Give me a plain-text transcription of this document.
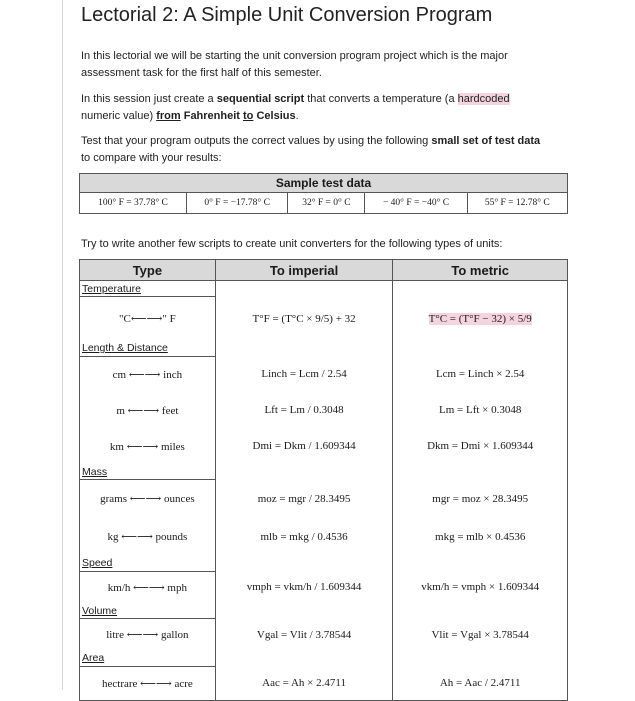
Lectorial 2: A Simple Unit Conversion Program
In this lectorial we will be starting the unit conversion program project which is the major assessment task for the first half of this semester.
In this session just create a sequential script that converts a temperature (a hardcoded numeric value) from Fahrenheit to Celsius.
Test that your program outputs the correct values by using the following small set of test data to compare with your results:
Sample test data
100° F = 37.78° C	0° F = −17.78° C	32° F = 0° C	− 40° F = −40° C	55° F = 12.78° C
Try to write another few scripts to create unit converters for the following types of units:
Type	To imperial	To metric
Temperature		
"C⟵⟶" F	T°F = (T°C × 9/5) + 32	T°C = (T°F − 32) × 5/9
Length & Distance		
cm ⟵⟶ inch	Linch = Lcm / 2.54	Lcm = Linch × 2.54
m ⟵⟶ feet	Lft = Lm / 0.3048	Lm = Lft × 0.3048
km ⟵⟶ miles	Dmi = Dkm / 1.609344	Dkm = Dmi × 1.609344
Mass		
grams ⟵⟶ ounces	moz = mgr / 28.3495	mgr = moz × 28.3495
kg ⟵⟶ pounds	mlb = mkg / 0.4536	mkg = mlb × 0.4536
Speed		
km/h ⟵⟶ mph	vmph = vkm/h / 1.609344	vkm/h = vmph × 1.609344
Volume		
litre ⟵⟶ gallon	Vgal = Vlit / 3.78544	Vlit = Vgal × 3.78544
Area		
hectrare ⟵⟶ acre	Aac = Ah × 2.4711	Ah = Aac / 2.4711
